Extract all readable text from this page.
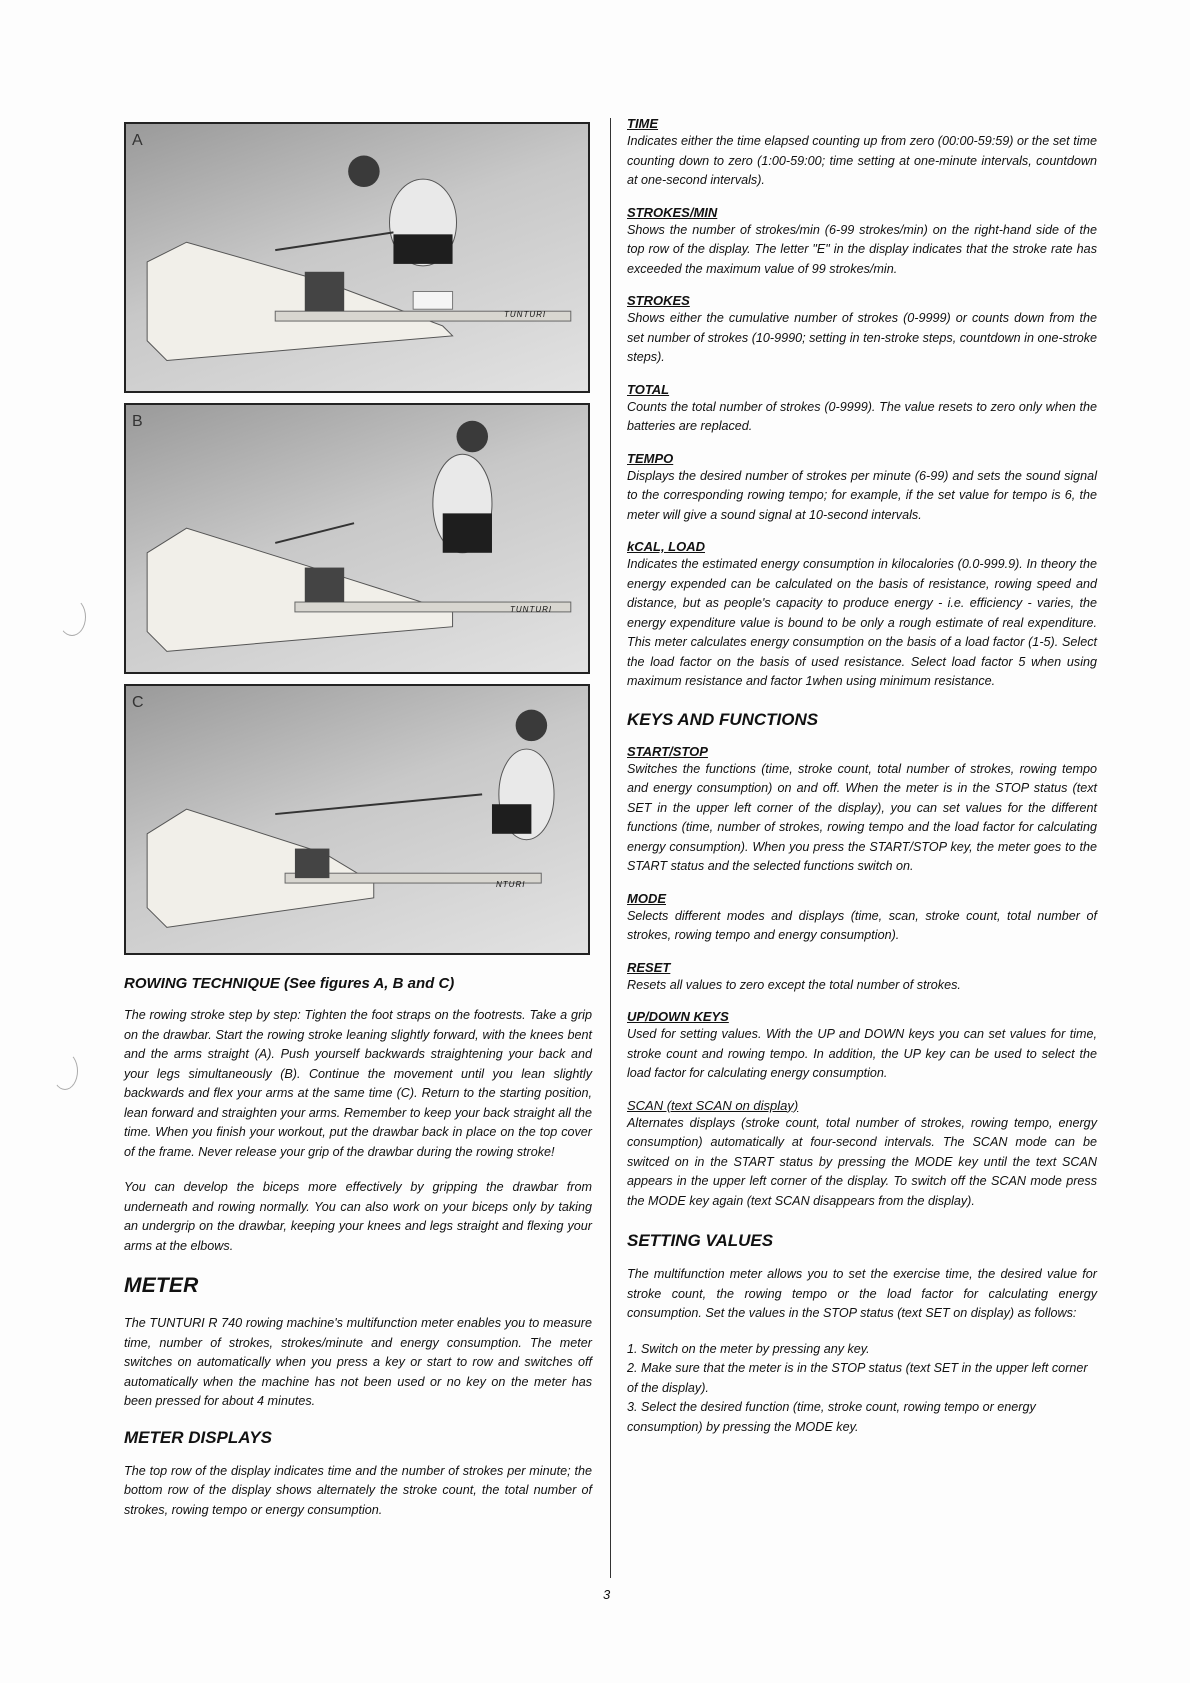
A
TUNTURI
B
TUNTURI
C
NTURI
ROWING TECHNIQUE (See figures A, B and C)

The rowing stroke step by step: Tighten the foot straps on the footrests. Take a grip on the drawbar. Start the rowing stroke leaning slightly forward, with the knees bent and the arms straight (A). Push yourself backwards straightening your back and your legs simultaneously (B). Continue the movement until you lean slightly backwards and flex your arms at the same time (C). Return to the starting position, lean forward and straighten your arms. Remember to keep your back straight all the time. When you finish your workout, put the drawbar back in place on the top cover of the frame. Never release your grip of the drawbar during the rowing stroke!

You can develop the biceps more effectively by gripping the drawbar from underneath and rowing normally. You can also work on your biceps only by taking an undergrip on the drawbar, keeping your knees and legs straight and flexing your arms at the elbows.

METER

The TUNTURI R 740 rowing machine's multifunction meter enables you to measure time, number of strokes, strokes/minute and energy consumption. The meter switches on automatically when you press a key or start to row and switches off automatically when the machine has not been used or no key on the meter has been pressed for about 4 minutes.

METER DISPLAYS

The top row of the display indicates time and the number of strokes per minute; the bottom row of the display shows alternately the stroke count, the total number of strokes, rowing tempo or energy consumption.

TIME
Indicates either the time elapsed counting up from zero (00:00-59:59) or the set time counting down to zero (1:00-59:00; time setting at one-minute intervals, countdown at one-second intervals).
STROKES/MIN
Shows the number of strokes/min (6-99 strokes/min) on the right-hand side of the top row of the display. The letter "E" in the display indicates that the stroke rate has exceeded the maximum value of 99 strokes/min.
STROKES
Shows either the cumulative number of strokes (0-9999) or counts down from the set number of strokes (10-9990; setting in ten-stroke steps, countdown in one-stroke steps).
TOTAL
Counts the total number of strokes (0-9999). The value resets to zero only when the batteries are replaced.
TEMPO
Displays the desired number of strokes per minute (6-99) and sets the sound signal to the corresponding rowing tempo; for example, if the set value for tempo is 6, the meter will give a sound signal at 10-second intervals.
kCAL, LOAD
Indicates the estimated energy consumption in kilocalories (0.0-999.9). In theory the energy expended can be calculated on the basis of resistance, rowing speed and distance, but as people's capacity to produce energy - i.e. efficiency - varies, the energy expenditure value is bound to be only a rough estimate of real expenditure. This meter calculates energy consumption on the basis of a load factor (1-5). Select the load factor on the basis of used resistance. Select load factor 5 when using maximum resistance and factor 1when using minimum resistance.
KEYS AND FUNCTIONS
START/STOP
Switches the functions (time, stroke count, total number of strokes, rowing tempo and energy consumption) on and off. When the meter is in the STOP status (text SET in the upper left corner of the display), you can set values for the different functions (time, number of strokes, rowing tempo and the load factor for calculating energy consumption). When you press the START/STOP key, the meter goes to the START status and the selected functions switch on.
MODE
Selects different modes and displays (time, scan, stroke count, total number of strokes, rowing tempo and energy consumption).
RESET
Resets all values to zero except the total number of strokes.
UP/DOWN KEYS
Used for setting values. With the UP and DOWN keys you can set values for time, stroke count and rowing tempo. In addition, the UP key can be used to select the load factor for calculating energy consumption.
SCAN (text SCAN on display)
Alternates displays (stroke count, total number of strokes, rowing tempo, energy consumption) automatically at four-second intervals. The SCAN mode can be switced on in the START status by pressing the MODE key until the text SCAN appears in the upper left corner of the display. To switch off the SCAN mode press the MODE key again (text SCAN disappears from the display).
SETTING VALUES

The multifunction meter allows you to set the exercise time, the desired value for stroke count, the rowing tempo or the load factor for calculating energy consumption. Set the values in the STOP status (text SET on display) as follows:

1. Switch on the meter by pressing any key.

2. Make sure that the meter is in the STOP status (text SET in the upper left corner of the display).

3. Select the desired function (time, stroke count, rowing tempo or energy consumption) by pressing the MODE key.

3
